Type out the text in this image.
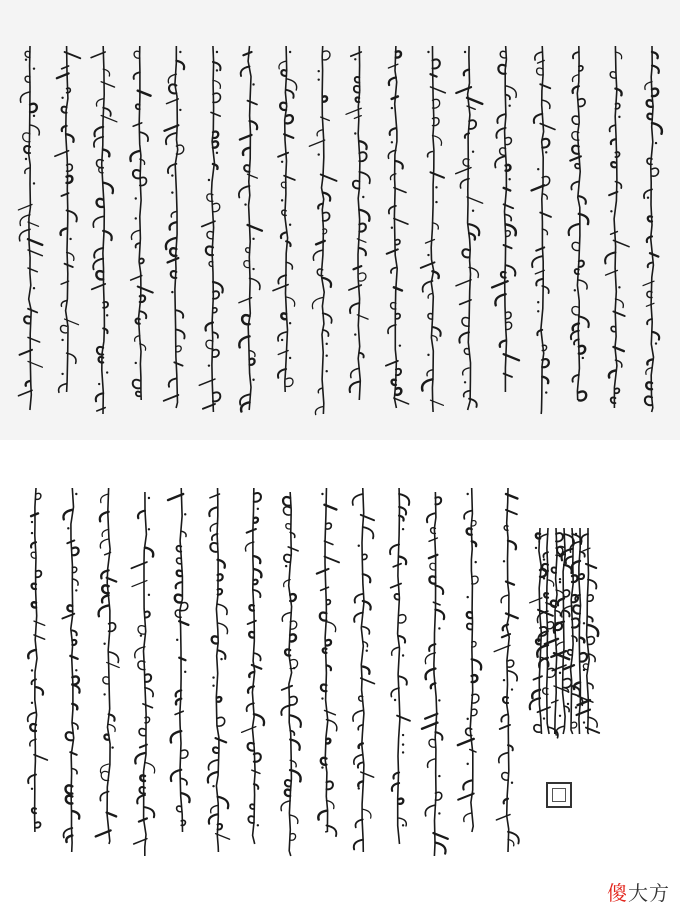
傻大方
